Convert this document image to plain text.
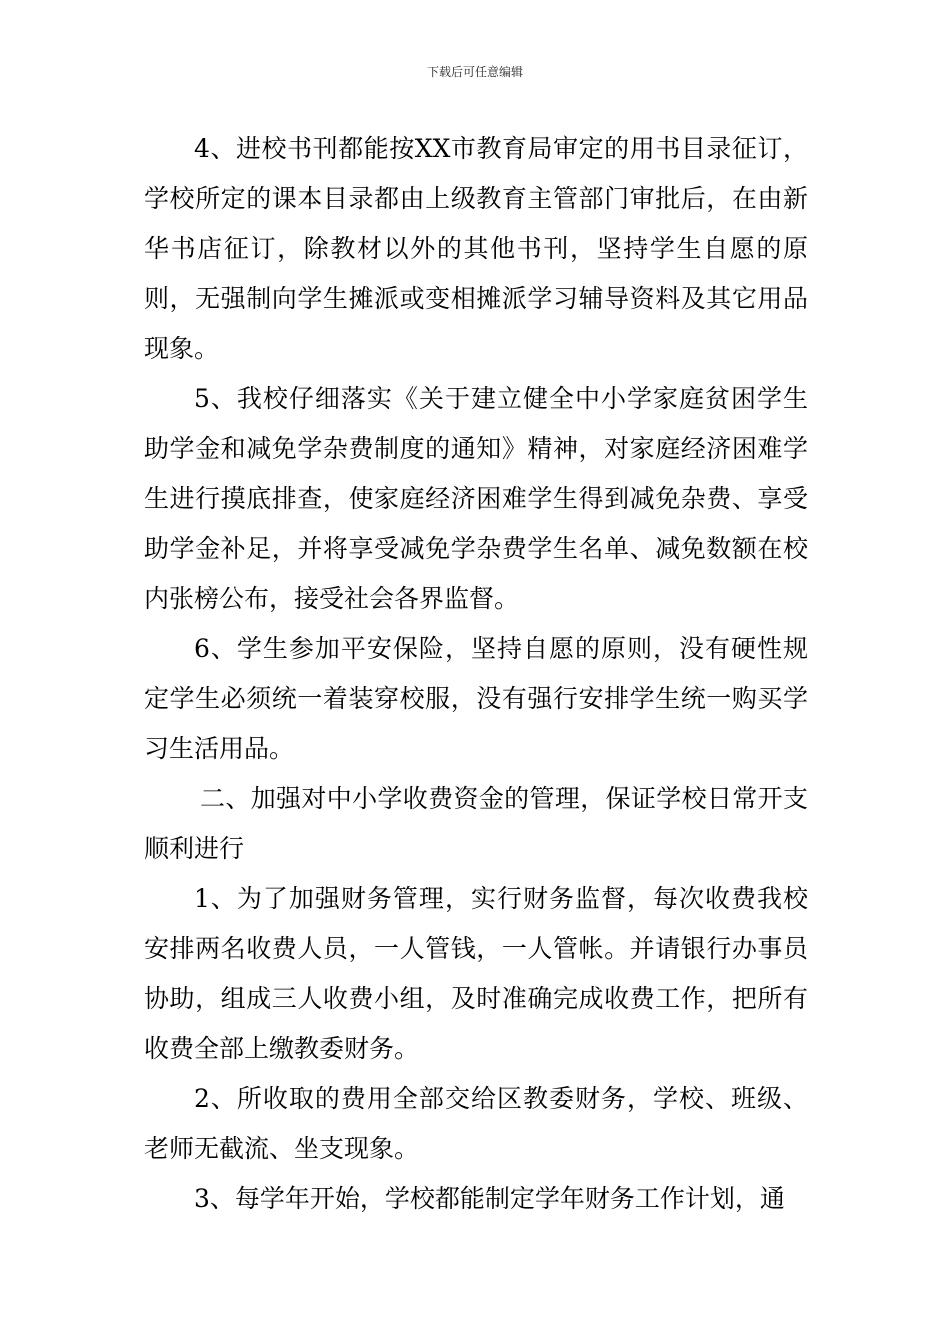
下载后可任意编辑

4、进校书刊都能按XX市教育局审定的用书目录征订，学校所定的课本目录都由上级教育主管部门审批后，在由新华书店征订，除教材以外的其他书刊，坚持学生自愿的原则，无强制向学生摊派或变相摊派学习辅导资料及其它用品现象。

5、我校仔细落实《关于建立健全中小学家庭贫困学生助学金和减免学杂费制度的通知》精神，对家庭经济困难学生进行摸底排查，使家庭经济困难学生得到减免杂费、享受助学金补足，并将享受减免学杂费学生名单、减免数额在校内张榜公布，接受社会各界监督。

6、学生参加平安保险，坚持自愿的原则，没有硬性规定学生必须统一着装穿校服，没有强行安排学生统一购买学习生活用品。

二、加强对中小学收费资金的管理，保证学校日常开支顺利进行

1、为了加强财务管理，实行财务监督，每次收费我校安排两名收费人员，一人管钱，一人管帐。并请银行办事员协助，组成三人收费小组，及时准确完成收费工作，把所有收费全部上缴教委财务。

2、所收取的费用全部交给区教委财务，学校、班级、老师无截流、坐支现象。

3、每学年开始，学校都能制定学年财务工作计划，通
